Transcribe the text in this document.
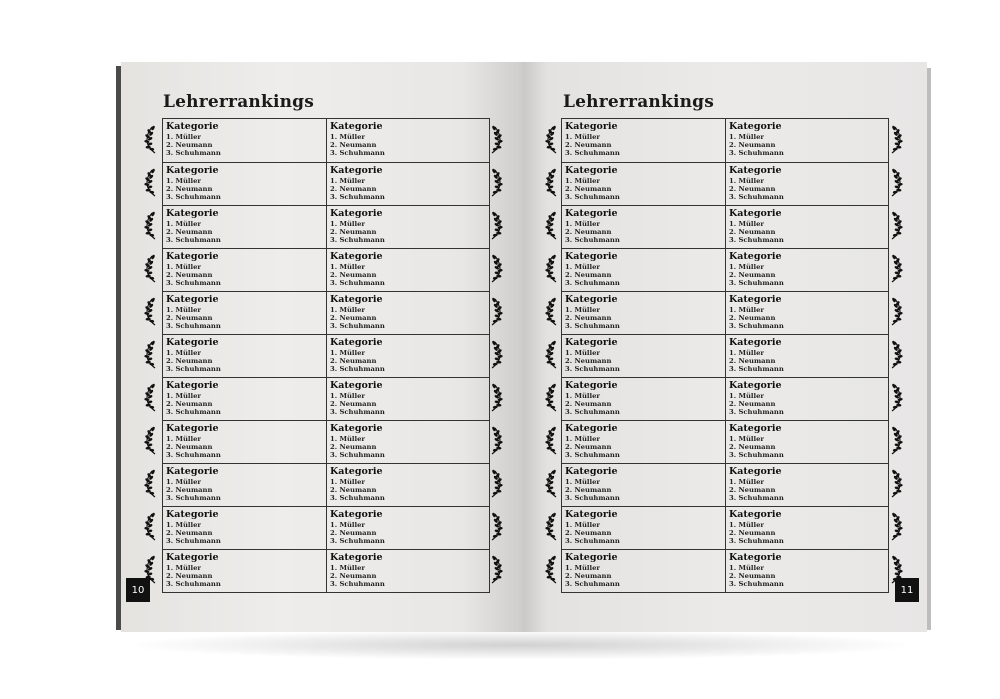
Lehrerrankings
Kategorie
1. Müller
2. Neumann
3. Schuhmann
Kategorie
1. Müller
2. Neumann
3. Schuhmann
Kategorie
1. Müller
2. Neumann
3. Schuhmann
Kategorie
1. Müller
2. Neumann
3. Schuhmann
Kategorie
1. Müller
2. Neumann
3. Schuhmann
Kategorie
1. Müller
2. Neumann
3. Schuhmann
Kategorie
1. Müller
2. Neumann
3. Schuhmann
Kategorie
1. Müller
2. Neumann
3. Schuhmann
Kategorie
1. Müller
2. Neumann
3. Schuhmann
Kategorie
1. Müller
2. Neumann
3. Schuhmann
Kategorie
1. Müller
2. Neumann
3. Schuhmann
Kategorie
1. Müller
2. Neumann
3. Schuhmann
Kategorie
1. Müller
2. Neumann
3. Schuhmann
Kategorie
1. Müller
2. Neumann
3. Schuhmann
Kategorie
1. Müller
2. Neumann
3. Schuhmann
Kategorie
1. Müller
2. Neumann
3. Schuhmann
Kategorie
1. Müller
2. Neumann
3. Schuhmann
Kategorie
1. Müller
2. Neumann
3. Schuhmann
Kategorie
1. Müller
2. Neumann
3. Schuhmann
Kategorie
1. Müller
2. Neumann
3. Schuhmann
Kategorie
1. Müller
2. Neumann
3. Schuhmann
Kategorie
1. Müller
2. Neumann
3. Schuhmann
10
Lehrerrankings
Kategorie
1. Müller
2. Neumann
3. Schuhmann
Kategorie
1. Müller
2. Neumann
3. Schuhmann
Kategorie
1. Müller
2. Neumann
3. Schuhmann
Kategorie
1. Müller
2. Neumann
3. Schuhmann
Kategorie
1. Müller
2. Neumann
3. Schuhmann
Kategorie
1. Müller
2. Neumann
3. Schuhmann
Kategorie
1. Müller
2. Neumann
3. Schuhmann
Kategorie
1. Müller
2. Neumann
3. Schuhmann
Kategorie
1. Müller
2. Neumann
3. Schuhmann
Kategorie
1. Müller
2. Neumann
3. Schuhmann
Kategorie
1. Müller
2. Neumann
3. Schuhmann
Kategorie
1. Müller
2. Neumann
3. Schuhmann
Kategorie
1. Müller
2. Neumann
3. Schuhmann
Kategorie
1. Müller
2. Neumann
3. Schuhmann
Kategorie
1. Müller
2. Neumann
3. Schuhmann
Kategorie
1. Müller
2. Neumann
3. Schuhmann
Kategorie
1. Müller
2. Neumann
3. Schuhmann
Kategorie
1. Müller
2. Neumann
3. Schuhmann
Kategorie
1. Müller
2. Neumann
3. Schuhmann
Kategorie
1. Müller
2. Neumann
3. Schuhmann
Kategorie
1. Müller
2. Neumann
3. Schuhmann
Kategorie
1. Müller
2. Neumann
3. Schuhmann
11
